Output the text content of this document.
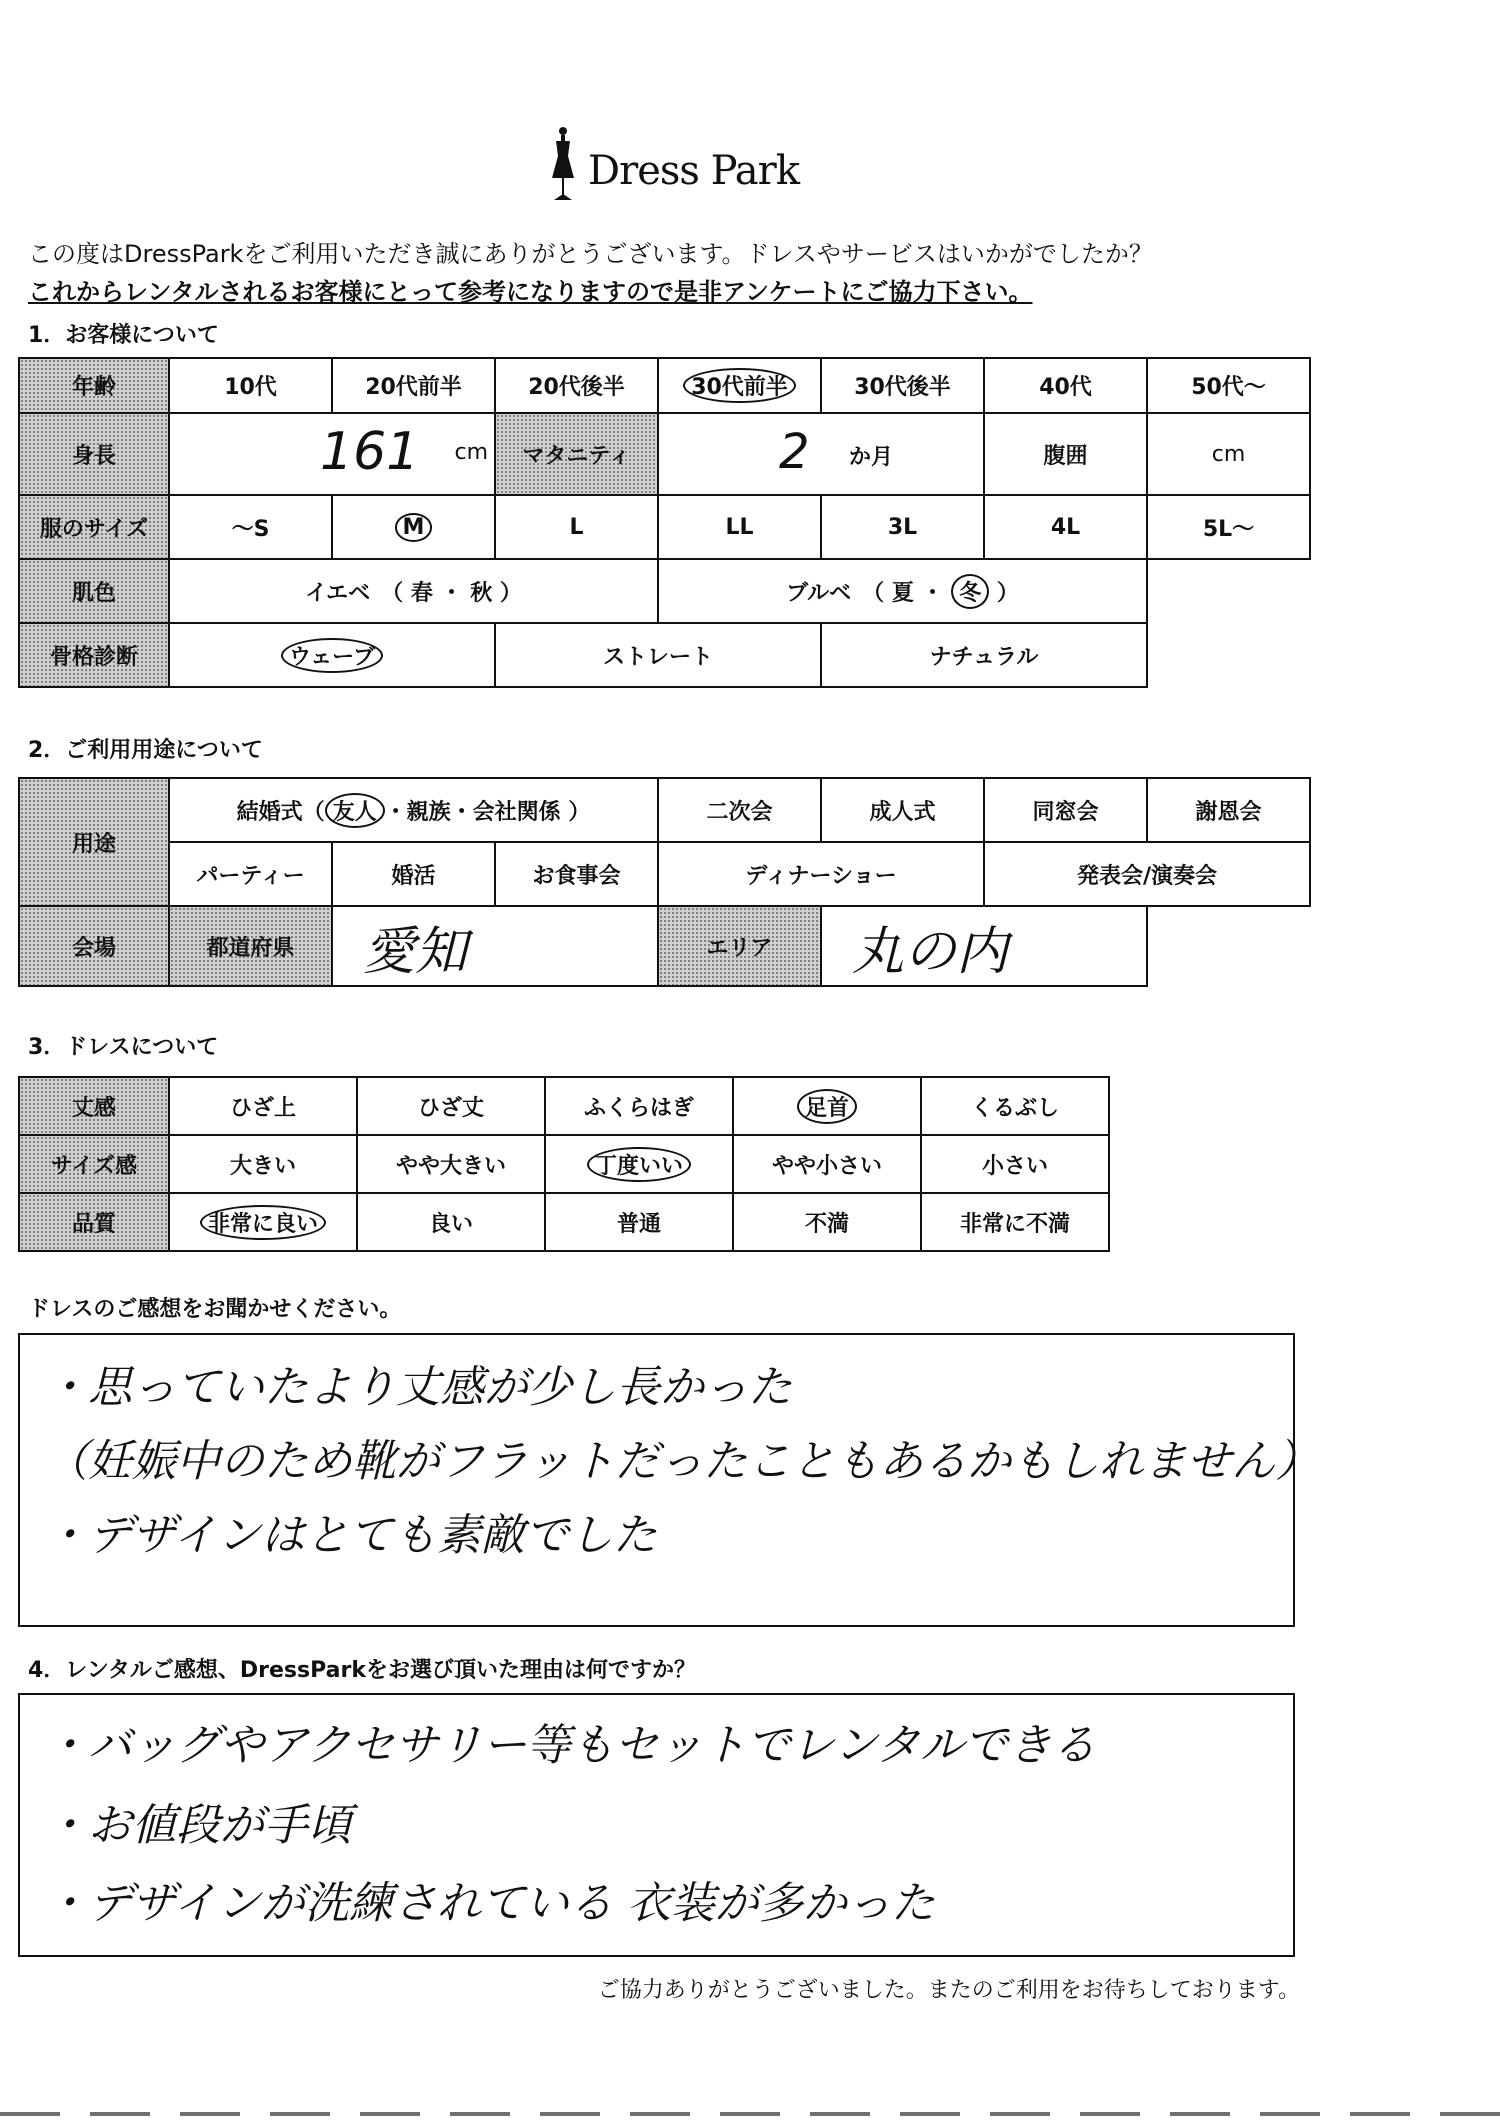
Dress Park
この度はDressParkをご利用いただき誠にありがとうございます。ドレスやサービスはいかがでしたか？
これからレンタルされるお客様にとって参考になりますので是非アンケートにご協力下さい。
1．お客様について
年齢	10代	20代前半	20代後半	30代前半	30代後半	40代	50代～
身長	161 cm		マタニティ	2 か月		腹囲	cm
服のサイズ	～S	M	L	LL	3L	4L	5L～
肌色	イエベ　（ 春 ・ 秋 ）			ブルベ　（ 夏 ・ 冬 ）			
骨格診断	ウェーブ		ストレート		ナチュラル		
2．ご利用用途について
用途	結婚式（ 友人 ・親族・会社関係 ）			二次会	成人式	同窓会	謝恩会
	パーティー	婚活	お食事会	ディナーショー		発表会/演奏会	
会場	都道府県	愛知		エリア	丸の内		
3．ドレスについて
丈感	ひざ上	ひざ丈	ふくらはぎ	足首	くるぶし
サイズ感	大きい	やや大きい	丁度いい	やや小さい	小さい
品質	非常に良い	良い	普通	不満	非常に不満
ドレスのご感想をお聞かせください。
・思っていたより丈感が少し長かった
（妊娠中のため靴がフラットだったこともあるかもしれません）
・デザインはとても素敵でした
4．レンタルご感想、DressParkをお選び頂いた理由は何ですか？
・バッグやアクセサリー等もセットでレンタルできる
・お値段が手頃
・デザインが洗練されている 衣装が多かった
ご協力ありがとうございました。またのご利用をお待ちしております。
